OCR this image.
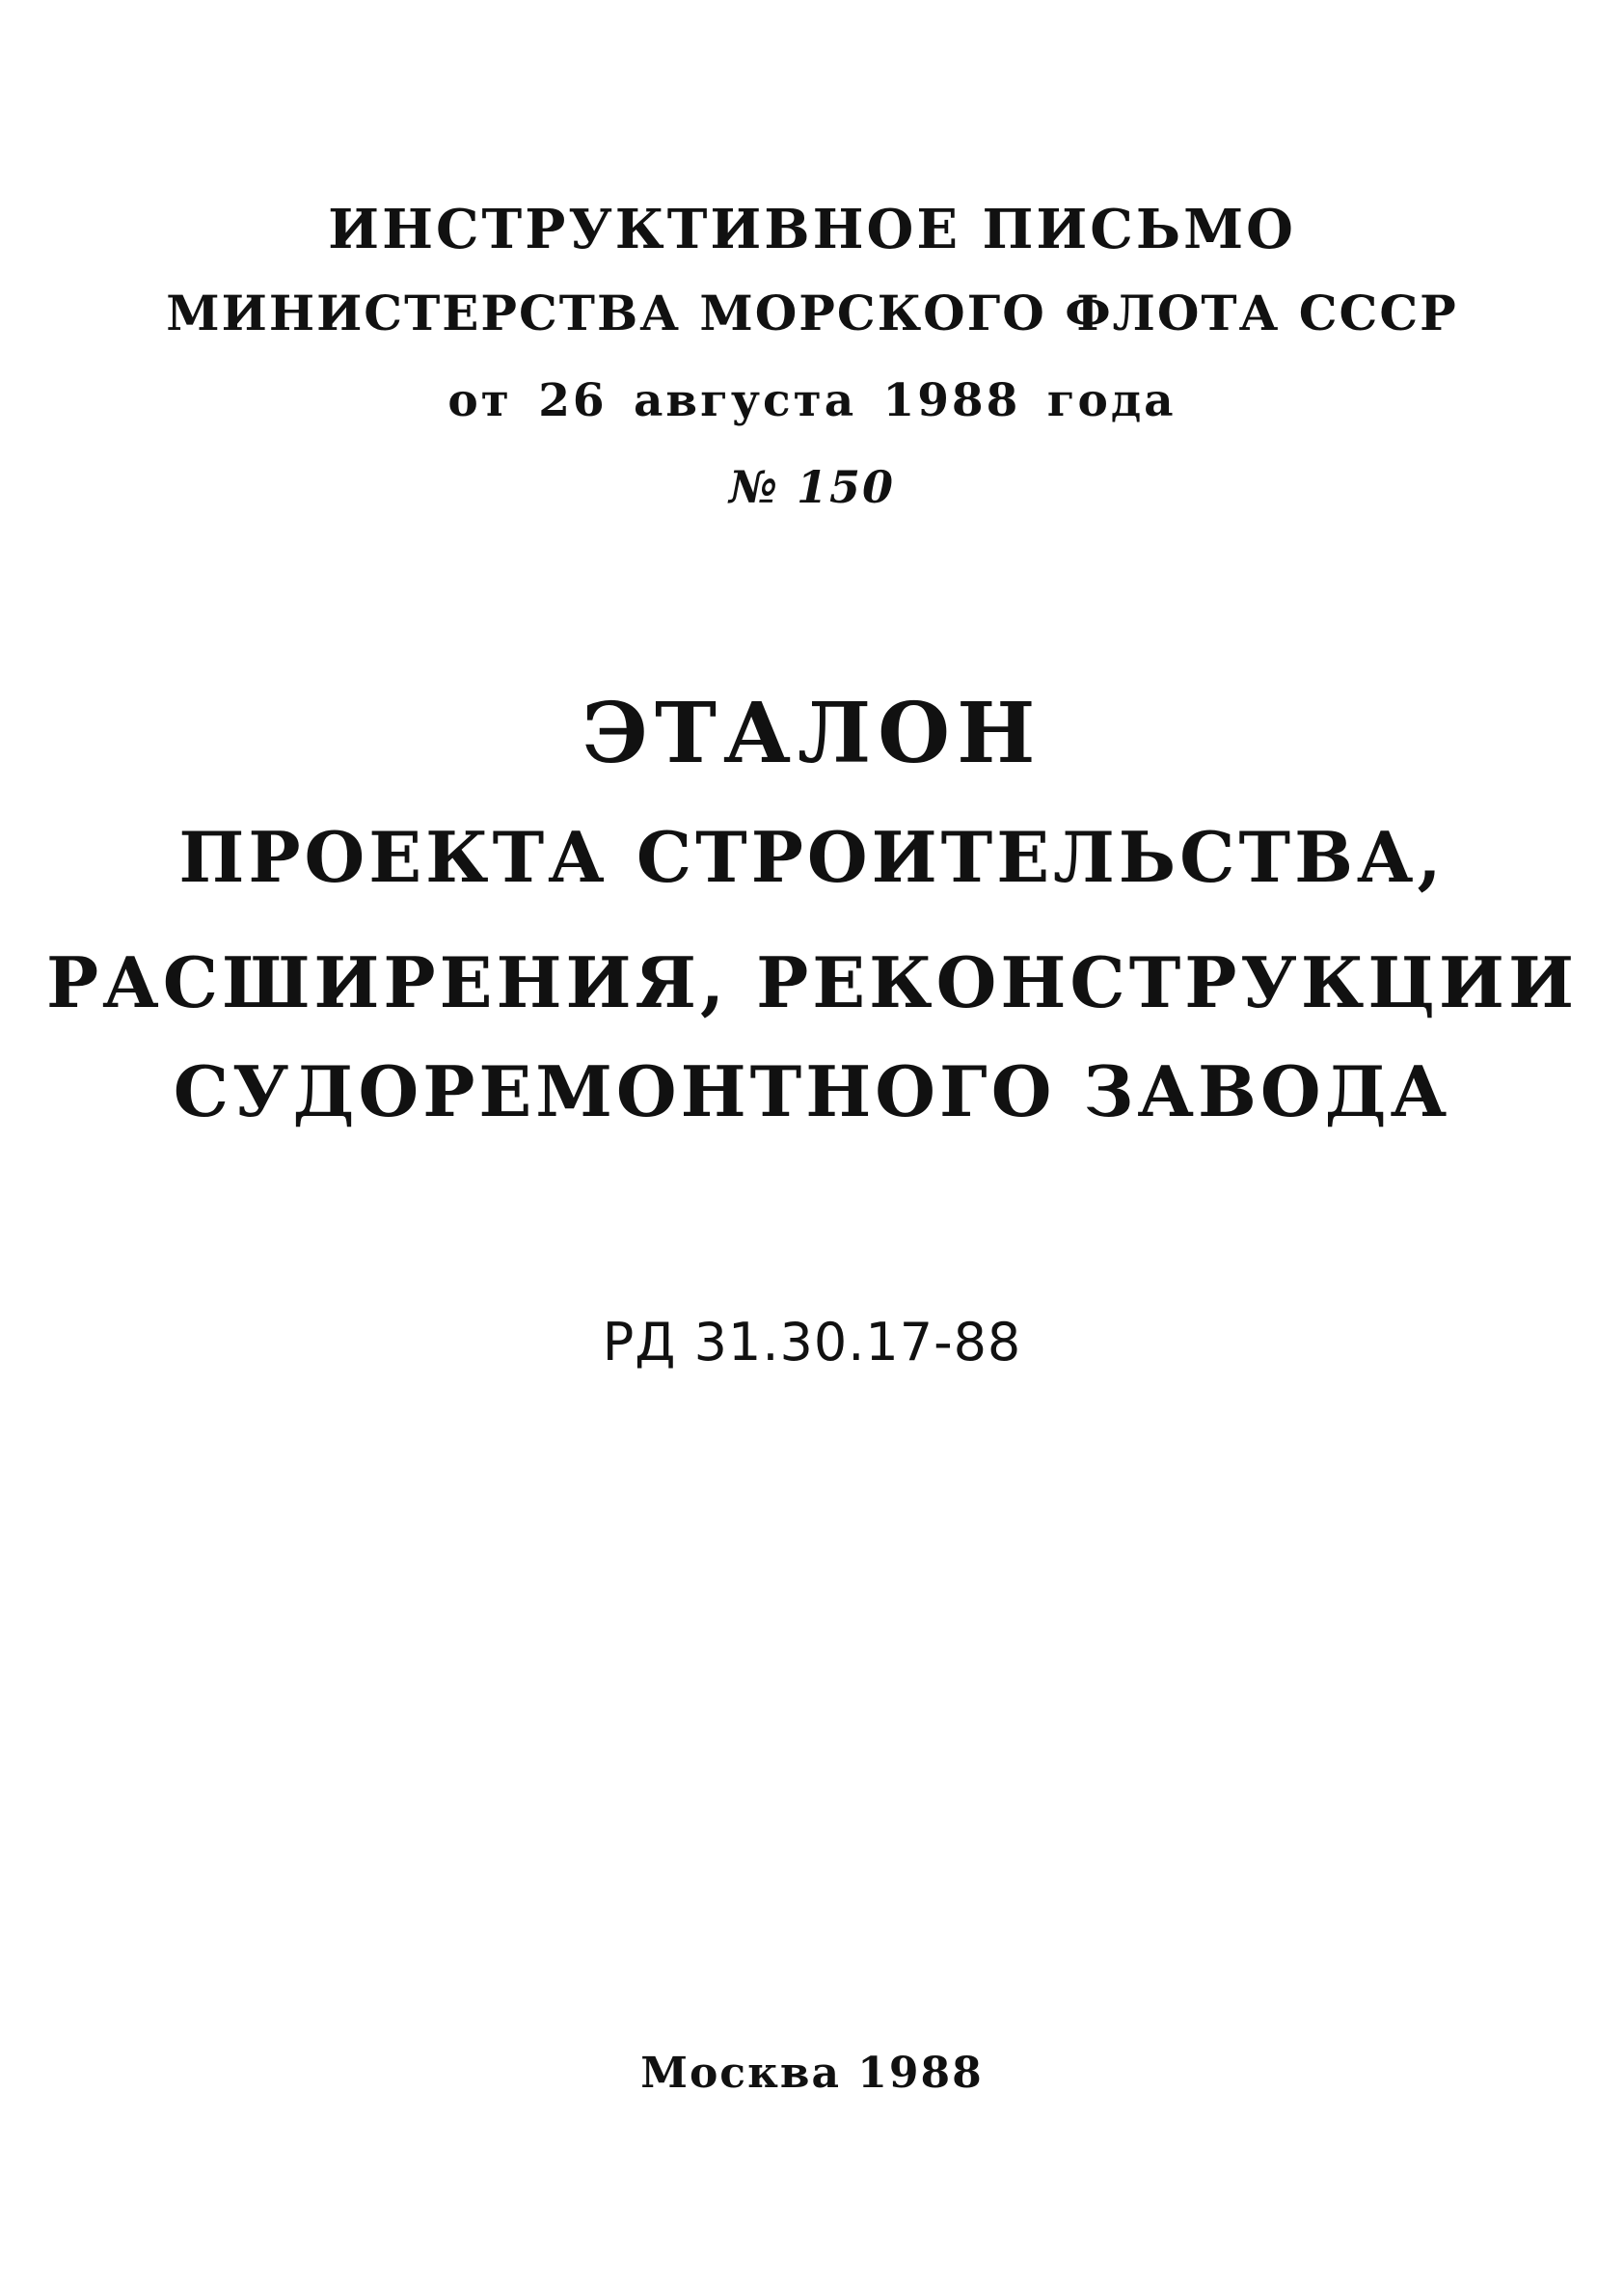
ИНСТРУКТИВНОЕ ПИСЬМО
МИНИСТЕРСТВА МОРСКОГО ФЛОТА СССР
от 26 августа 1988 года
№ 150
ЭТАЛОН
ПРОЕКТА СТРОИТЕЛЬСТВА,
РАСШИРЕНИЯ, РЕКОНСТРУКЦИИ
СУДОРЕМОНТНОГО ЗАВОДА
РД 31.30.17-88
Москва 1988
